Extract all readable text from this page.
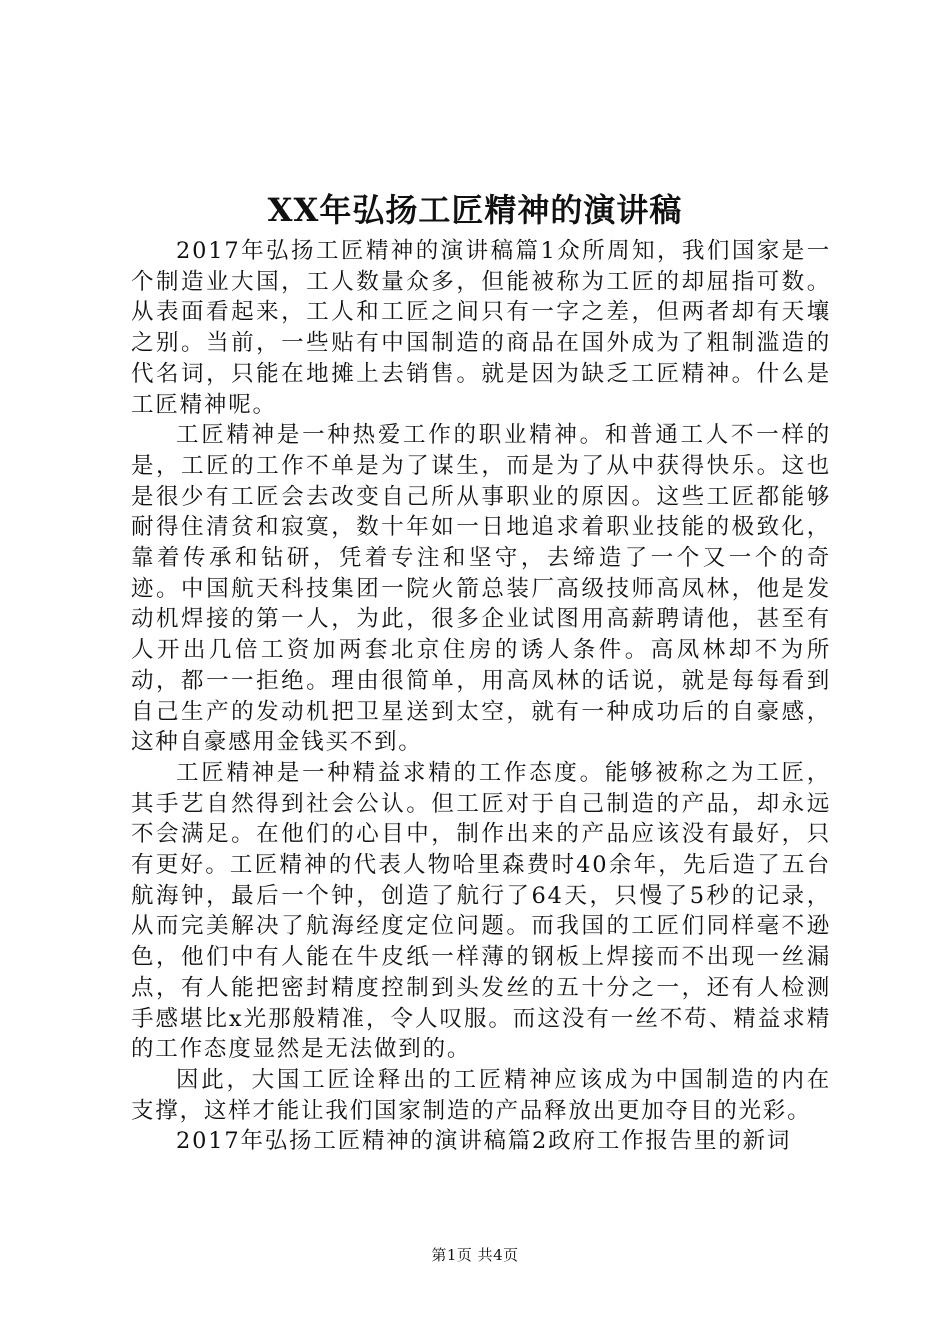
XX年弘扬工匠精神的演讲稿

2017年弘扬工匠精神的演讲稿篇1众所周知，我们国家是一个制造业大国，工人数量众多，但能被称为工匠的却屈指可数。从表面看起来，工人和工匠之间只有一字之差，但两者却有天壤之别。当前，一些贴有中国制造的商品在国外成为了粗制滥造的代名词，只能在地摊上去销售。就是因为缺乏工匠精神。什么是工匠精神呢。

工匠精神是一种热爱工作的职业精神。和普通工人不一样的是，工匠的工作不单是为了谋生，而是为了从中获得快乐。这也是很少有工匠会去改变自己所从事职业的原因。这些工匠都能够耐得住清贫和寂寞，数十年如一日地追求着职业技能的极致化，靠着传承和钻研，凭着专注和坚守，去缔造了一个又一个的奇迹。中国航天科技集团一院火箭总装厂高级技师高凤林，他是发动机焊接的第一人，为此，很多企业试图用高薪聘请他，甚至有人开出几倍工资加两套北京住房的诱人条件。高凤林却不为所动，都一一拒绝。理由很简单，用高凤林的话说，就是每每看到自己生产的发动机把卫星送到太空，就有一种成功后的自豪感，这种自豪感用金钱买不到。

工匠精神是一种精益求精的工作态度。能够被称之为工匠，其手艺自然得到社会公认。但工匠对于自己制造的产品，却永远不会满足。在他们的心目中，制作出来的产品应该没有最好，只有更好。工匠精神的代表人物哈里森费时40余年，先后造了五台航海钟，最后一个钟，创造了航行了64天，只慢了5秒的记录，从而完美解决了航海经度定位问题。而我国的工匠们同样毫不逊色，他们中有人能在牛皮纸一样薄的钢板上焊接而不出现一丝漏点，有人能把密封精度控制到头发丝的五十分之一，还有人检测手感堪比x光那般精准，令人叹服。而这没有一丝不苟、精益求精的工作态度显然是无法做到的。

因此，大国工匠诠释出的工匠精神应该成为中国制造的内在支撑，这样才能让我们国家制造的产品释放出更加夺目的光彩。

2017年弘扬工匠精神的演讲稿篇2政府工作报告里的新词

第1页 共4页
